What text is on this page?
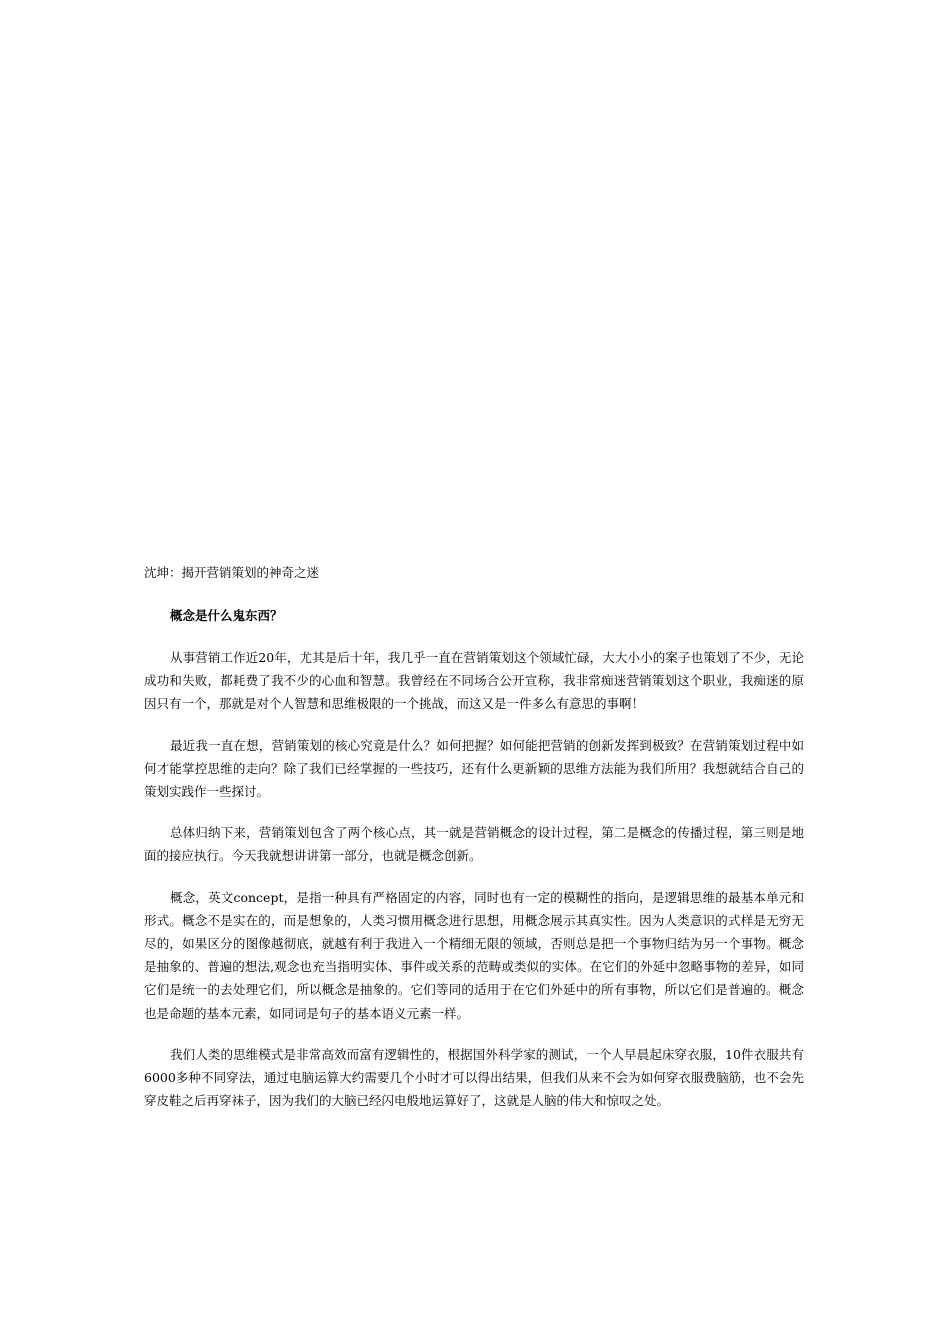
沈坤：揭开营销策划的神奇之迷

概念是什么鬼东西？

从事营销工作近20年，尤其是后十年，我几乎一直在营销策划这个领域忙碌，大大小小的案子也策划了不少，无论成功和失败，都耗费了我不少的心血和智慧。我曾经在不同场合公开宣称，我非常痴迷营销策划这个职业，我痴迷的原因只有一个，那就是对个人智慧和思维极限的一个挑战，而这又是一件多么有意思的事啊！

最近我一直在想，营销策划的核心究竟是什么？如何把握？如何能把营销的创新发挥到极致？在营销策划过程中如何才能掌控思维的走向？除了我们已经掌握的一些技巧，还有什么更新颖的思维方法能为我们所用？我想就结合自己的策划实践作一些探讨。

总体归纳下来，营销策划包含了两个核心点，其一就是营销概念的设计过程，第二是概念的传播过程，第三则是地面的接应执行。今天我就想讲讲第一部分，也就是概念创新。

概念，英文concept，是指一种具有严格固定的内容，同时也有一定的模糊性的指向，是逻辑思维的最基本单元和形式。概念不是实在的，而是想象的，人类习惯用概念进行思想，用概念展示其真实性。因为人类意识的式样是无穷无尽的，如果区分的图像越彻底，就越有利于我进入一个精细无限的领域，否则总是把一个事物归结为另一个事物。概念是抽象的、普遍的想法,观念也充当指明实体、事件或关系的范畴或类似的实体。在它们的外延中忽略事物的差异，如同它们是统一的去处理它们，所以概念是抽象的。它们等同的适用于在它们外延中的所有事物，所以它们是普遍的。概念也是命题的基本元素，如同词是句子的基本语义元素一样。

我们人类的思维模式是非常高效而富有逻辑性的，根据国外科学家的测试，一个人早晨起床穿衣服，10件衣服共有6000多种不同穿法，通过电脑运算大约需要几个小时才可以得出结果，但我们从来不会为如何穿衣服费脑筋，也不会先穿皮鞋之后再穿袜子，因为我们的大脑已经闪电般地运算好了，这就是人脑的伟大和惊叹之处。
